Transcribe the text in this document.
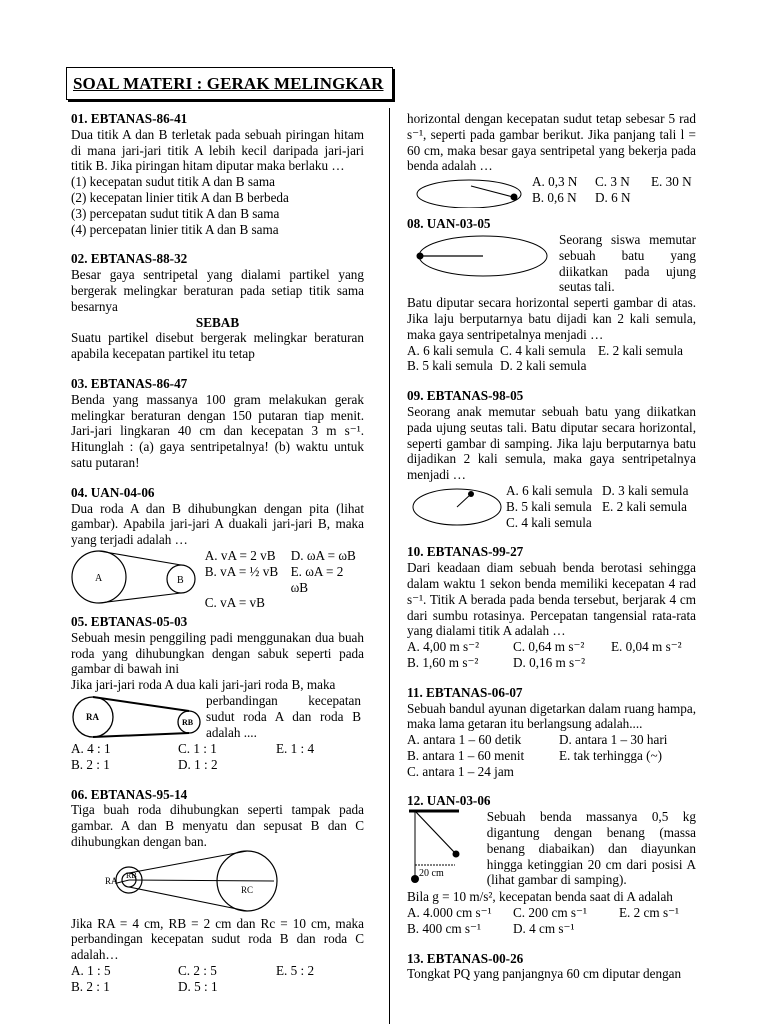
SOAL MATERI : GERAK MELINGKAR

01. EBTANAS-86-41

Dua titik A dan B terletak pada sebuah piringan hitam di mana jari-jari titik A lebih kecil daripada jari-jari titik B. Jika piringan hitam diputar maka berlaku …

(1) kecepatan sudut titik A dan B sama

(2) kecepatan linier titik A dan B berbeda

(3) percepatan sudut titik A dan B sama

(4) percepatan linier titik A dan B sama

02. EBTANAS-88-32

Besar gaya sentripetal yang dialami partikel yang bergerak melingkar beraturan pada setiap titik sama besarnya

SEBAB

Suatu partikel disebut bergerak melingkar beraturan apabila kecepatan partikel itu tetap

03. EBTANAS-86-47

Benda yang massanya 100 gram melakukan gerak melingkar beraturan dengan 150 putaran tiap menit. Jari-jari lingkaran 40 cm dan kecepatan 3 m s⁻¹. Hitunglah : (a) gaya sentripetalnya! (b) waktu untuk satu putaran!

04. UAN-04-06

Dua roda A dan B dihubungkan dengan pita (lihat gambar). Apabila jari-jari A duakali jari-jari B, maka yang terjadi adalah …

A	B
A. vA = 2 vB	D. ωA = ωB
B. vA = ½ vB E. ωA = 2 ωB
C. vA = vB

05. EBTANAS-05-03

Sebuah mesin penggiling padi menggunakan dua buah roda yang dihubungkan dengan sabuk seperti pada gambar di bawah ini

Jika jari-jari roda A dua kali jari-jari roda B, maka

RA
RB

perbandingan kecepatan sudut roda A dan roda B adalah ....

A. 4 : 1	C. 1 : 1	E. 1 : 4
B. 2 : 1	D. 1 : 2

06. EBTANAS-95-14

Tiga buah roda dihubungkan seperti tampak pada gambar. A dan B menyatu dan sepusat B dan C dihubungkan dengan ban.

RA
RB
RC

Jika RA = 4 cm, RB = 2 cm dan Rc = 10 cm, maka perbandingan kecepatan sudut roda B dan roda C adalah…

A. 1 : 5	C. 2 : 5	E. 5 : 2
B. 2 : 1	D. 5 : 1

horizontal dengan kecepatan sudut tetap sebesar 5 rad s⁻¹, seperti pada gambar berikut. Jika panjang tali l = 60 cm, maka besar gaya sentripetal yang bekerja pada benda adalah …

A. 0,3 N	C. 3 N	E. 30 N
B. 0,6 N	D. 6 N

08. UAN-03-05

Seorang siswa memutar sebuah batu yang diikatkan pada ujung seutas tali.

Batu diputar secara horizontal seperti gambar di atas. Jika laju berputarnya batu dijadi kan 2 kali semula, maka gaya sentripetalnya menjadi …

A. 6 kali semula C. 4 kali semula E. 2 kali semula
B. 5 kali semula D. 2 kali semula

09. EBTANAS-98-05

Seorang anak memutar sebuah batu yang diikatkan pada ujung seutas tali. Batu diputar secara horizontal, seperti gambar di samping. Jika laju berputarnya batu dijadikan 2 kali semula, maka gaya sentripetalnya menjadi …

A. 6 kali semula D. 3 kali semula
B. 5 kali semula E. 2 kali semula
C. 4 kali semula

10. EBTANAS-99-27

Dari keadaan diam sebuah benda berotasi sehingga dalam waktu 1 sekon benda memiliki kecepatan 4 rad s⁻¹. Titik A berada pada benda tersebut, berjarak 4 cm dari sumbu rotasinya. Percepatan tangensial rata-rata yang dialami titik A adalah …

A. 4,00 m s⁻²	C. 0,64 m s⁻²	E. 0,04 m s⁻²
B. 1,60 m s⁻²	D. 0,16 m s⁻²

11. EBTANAS-06-07

Sebuah bandul ayunan digetarkan dalam ruang hampa, maka lama getaran itu berlangsung adalah....

A. antara 1 – 60 detik	D. antara 1 – 30 hari
B. antara 1 – 60 menit	E. tak terhingga (~)
C. antara 1 – 24 jam

12. UAN-03-06

20 cm

Sebuah benda massanya 0,5 kg digantung dengan benang (massa benang diabaikan) dan diayunkan hingga ketinggian 20 cm dari posisi A (lihat gambar di samping).

Bila g = 10 m/s², kecepatan benda saat di A adalah

A. 4.000 cm s⁻¹	C. 200 cm s⁻¹	E. 2 cm s⁻¹
B. 400 cm s⁻¹	D. 4 cm s⁻¹

13. EBTANAS-00-26

Tongkat PQ yang panjangnya 60 cm diputar dengan
